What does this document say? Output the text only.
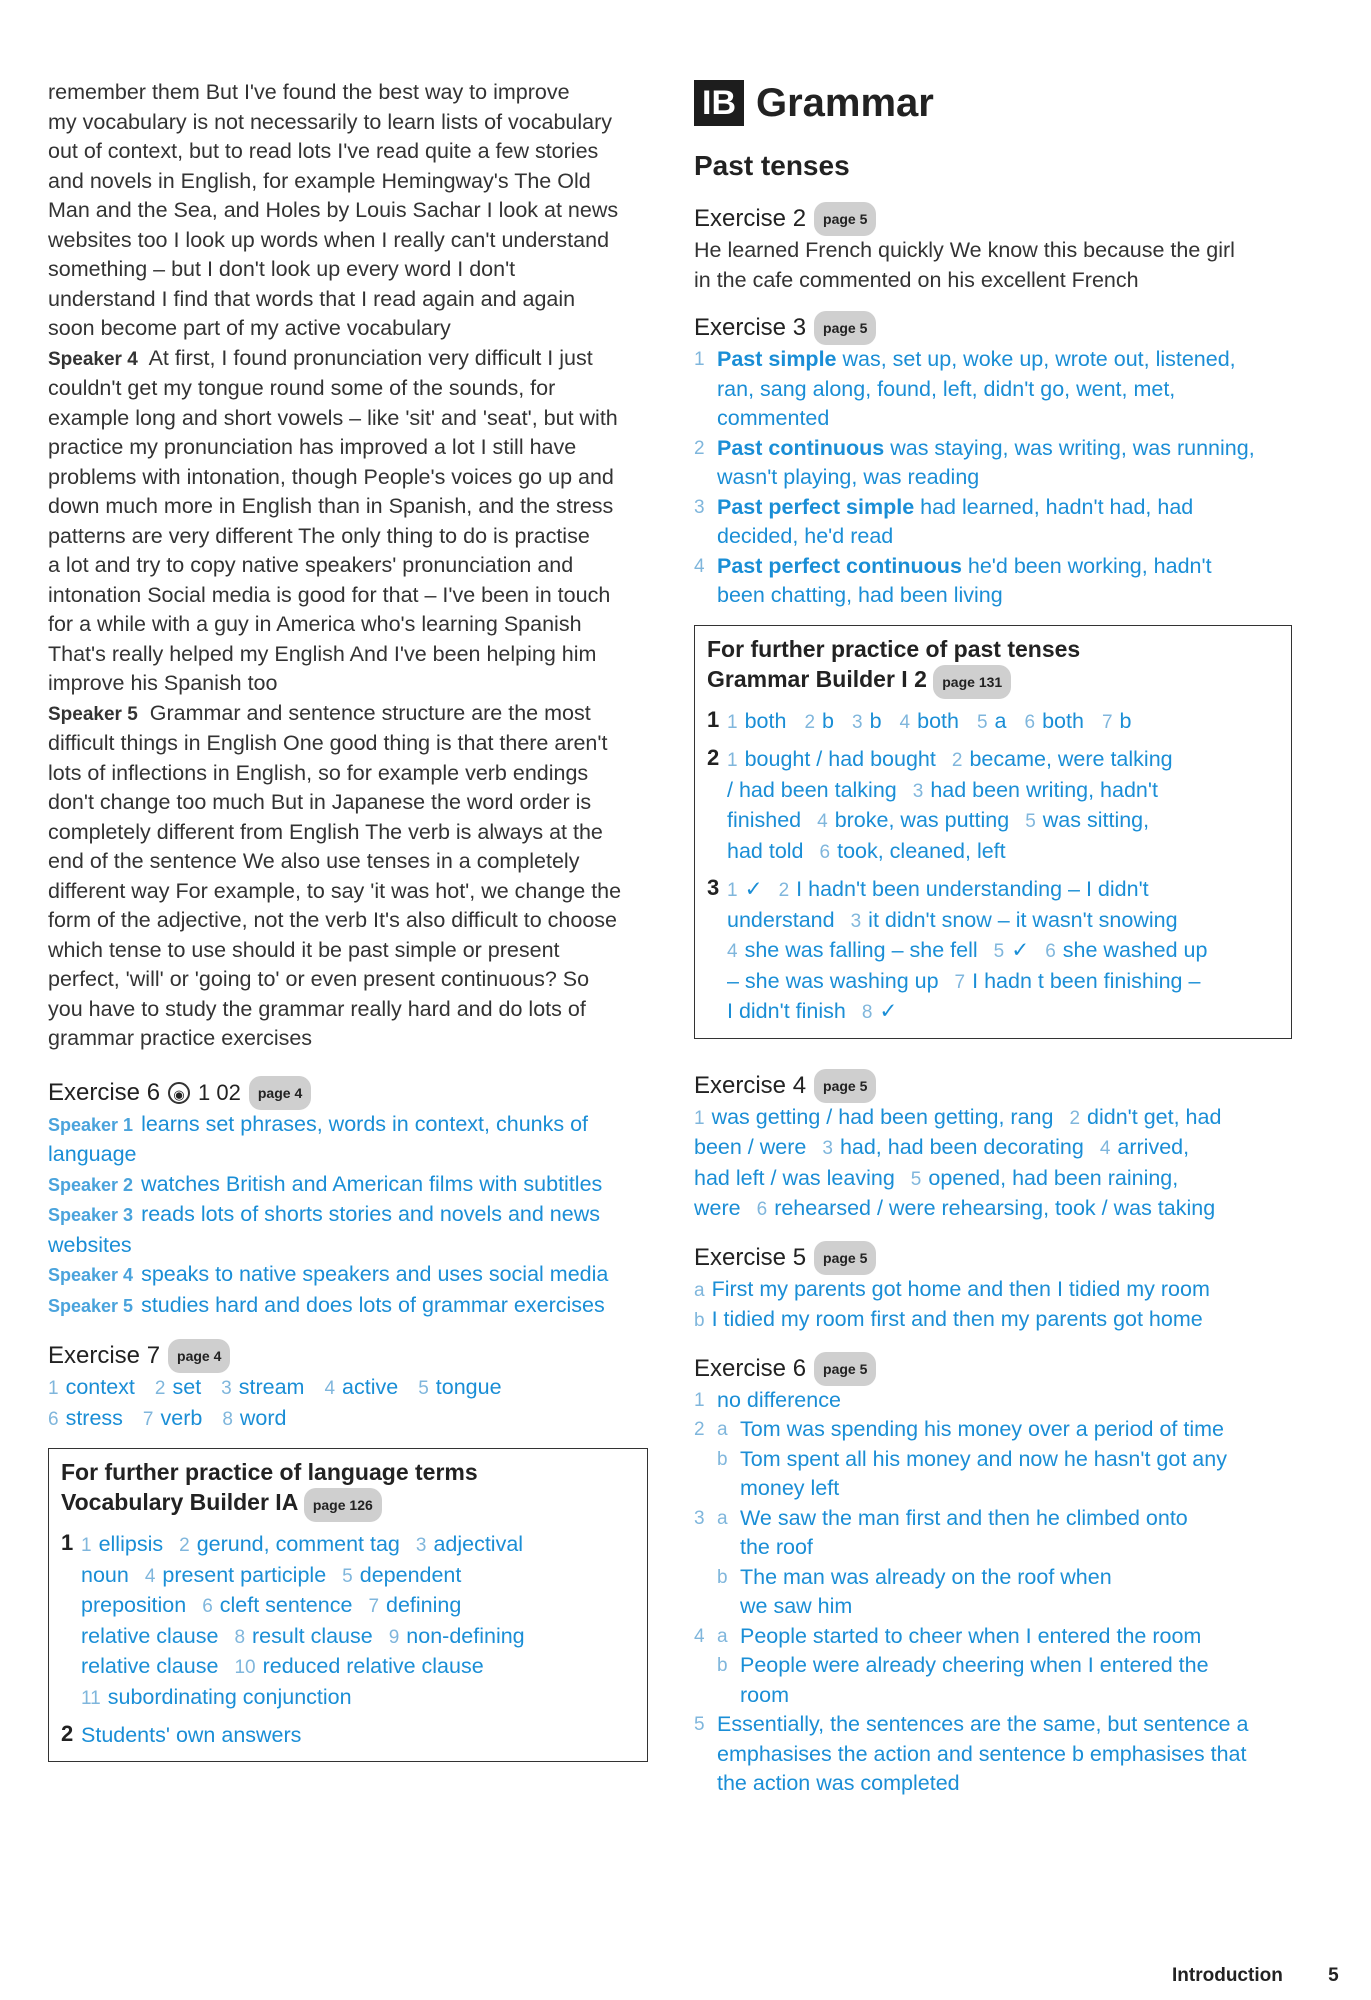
remember them But I've found the best way to improve

my vocabulary is not necessarily to learn lists of vocabulary

out of context, but to read lots I've read quite a few stories

and novels in English, for example Hemingway's The Old

Man and the Sea, and Holes by Louis Sachar I look at news

websites too I look up words when I really can't understand

something – but I don't look up every word I don't

understand I find that words that I read again and again

soon become part of my active vocabulary

Speaker 4 At first, I found pronunciation very difficult I just

couldn't get my tongue round some of the sounds, for

example long and short vowels – like 'sit' and 'seat', but with

practice my pronunciation has improved a lot I still have

problems with intonation, though People's voices go up and

down much more in English than in Spanish, and the stress

patterns are very different The only thing to do is practise

a lot and try to copy native speakers' pronunciation and

intonation Social media is good for that – I've been in touch

for a while with a guy in America who's learning Spanish

That's really helped my English And I've been helping him

improve his Spanish too

Speaker 5 Grammar and sentence structure are the most

difficult things in English One good thing is that there aren't

lots of inflections in English, so for example verb endings

don't change too much But in Japanese the word order is

completely different from English The verb is always at the

end of the sentence We also use tenses in a completely

different way For example, to say 'it was hot', we change the

form of the adjective, not the verb It's also difficult to choose

which tense to use should it be past simple or present

perfect, 'will' or 'going to' or even present continuous? So

you have to study the grammar really hard and do lots of

grammar practice exercises

Exercise 6	◉ 1 02	page 4
Speaker 1 learns set phrases, words in context, chunks of
language
Speaker 2 watches British and American films with subtitles
Speaker 3 reads lots of shorts stories and novels and news
websites
Speaker 4 speaks to native speakers and uses social media
Speaker 5 studies hard and does lots of grammar exercises
Exercise 7	page 4
1 context 2 set 3 stream 4 active 5 tongue
6 stress 7 verb 8 word
For further practice of language terms
Vocabulary Builder IA page 126
1 1 ellipsis 2 gerund, comment tag 3 adjectival
noun 4 present participle 5 dependent
preposition 6 cleft sentence 7 defining
relative clause 8 result clause 9 non-defining
relative clause 10 reduced relative clause
11 subordinating conjunction
2 Students' own answers
IB Grammar
Past tenses
Exercise 2	page 5

He learned French quickly We know this because the girl

in the cafe commented on his excellent French

Exercise 3	page 5
1 Past simple was, set up, woke up, wrote out, listened,
ran, sang along, found, left, didn't go, went, met,
commented
2 Past continuous was staying, was writing, was running,
wasn't playing, was reading
3 Past perfect simple had learned, hadn't had, had
decided, he'd read
4 Past perfect continuous he'd been working, hadn't
been chatting, had been living
For further practice of past tenses
Grammar Builder I 2 page 131
1 1 both 2 b 3 b 4 both 5 a 6 both 7 b
2 1 bought / had bought 2 became, were talking
/ had been talking 3 had been writing, hadn't
finished 4 broke, was putting 5 was sitting,
had told 6 took, cleaned, left
3 1 ✓ 2 I hadn't been understanding – I didn't
understand 3 it didn't snow – it wasn't snowing
4 she was falling – she fell 5 ✓ 6 she washed up
– she was washing up 7 I hadn t been finishing –
I didn't finish 8 ✓
Exercise 4	page 5
1 was getting / had been getting, rang 2 didn't get, had
been / were 3 had, had been decorating 4 arrived,
had left / was leaving 5 opened, had been raining,
were 6 rehearsed / were rehearsing, took / was taking
Exercise 5	page 5
a First my parents got home and then I tidied my room
b I tidied my room first and then my parents got home
Exercise 6	page 5
1 no difference
2 a Tom was spending his money over a period of time
b Tom spent all his money and now he hasn't got any
money left
3 a We saw the man first and then he climbed onto
the roof
b The man was already on the roof when
we saw him
4 a People started to cheer when I entered the room
b People were already cheering when I entered the
room
5 Essentially, the sentences are the same, but sentence a
emphasises the action and sentence b emphasises that
the action was completed
Introduction 5
